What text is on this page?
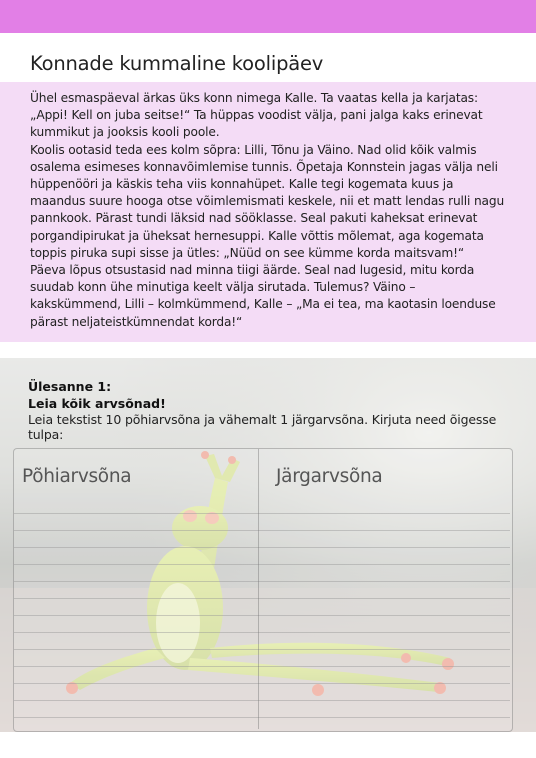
Konnade kummaline koolipäev

Ühel esmaspäeval ärkas üks konn nimega Kalle. Ta vaatas kella ja karjatas: „Appi! Kell on juba seitse!“ Ta hüppas voodist välja, pani jalga kaks erinevat kummikut ja jooksis kooli poole.

Koolis ootasid teda ees kolm sõpra: Lilli, Tõnu ja Väino. Nad olid kõik valmis osalema esimeses konnavõimlemise tunnis. Õpetaja Konnstein jagas välja neli hüppenööri ja käskis teha viis konnahüpet. Kalle tegi kogemata kuus ja maandus suure hooga otse võimlemismati keskele, nii et matt lendas rulli nagu pannkook. Pärast tundi läksid nad sööklasse. Seal pakuti kaheksat erinevat porgandipirukat ja üheksat hernesuppi. Kalle võttis mõlemat, aga kogemata toppis piruka supi sisse ja ütles: „Nüüd on see kümme korda maitsvam!“

Päeva lõpus otsustasid nad minna tiigi äärde. Seal nad lugesid, mitu korda suudab konn ühe minutiga keelt välja sirutada. Tulemus? Väino – kakskümmend, Lilli – kolmkümmend, Kalle – „Ma ei tea, ma kaotasin loenduse pärast neljateistkümnendat korda!“

Ülesanne 1:
Leia kõik arvsõnad!
Leia tekstist 10 põhiarvsõna ja vähemalt 1 järgarvsõna. Kirjuta need õigesse tulpa:
Põhiarvsõna	Järgarvsõna
